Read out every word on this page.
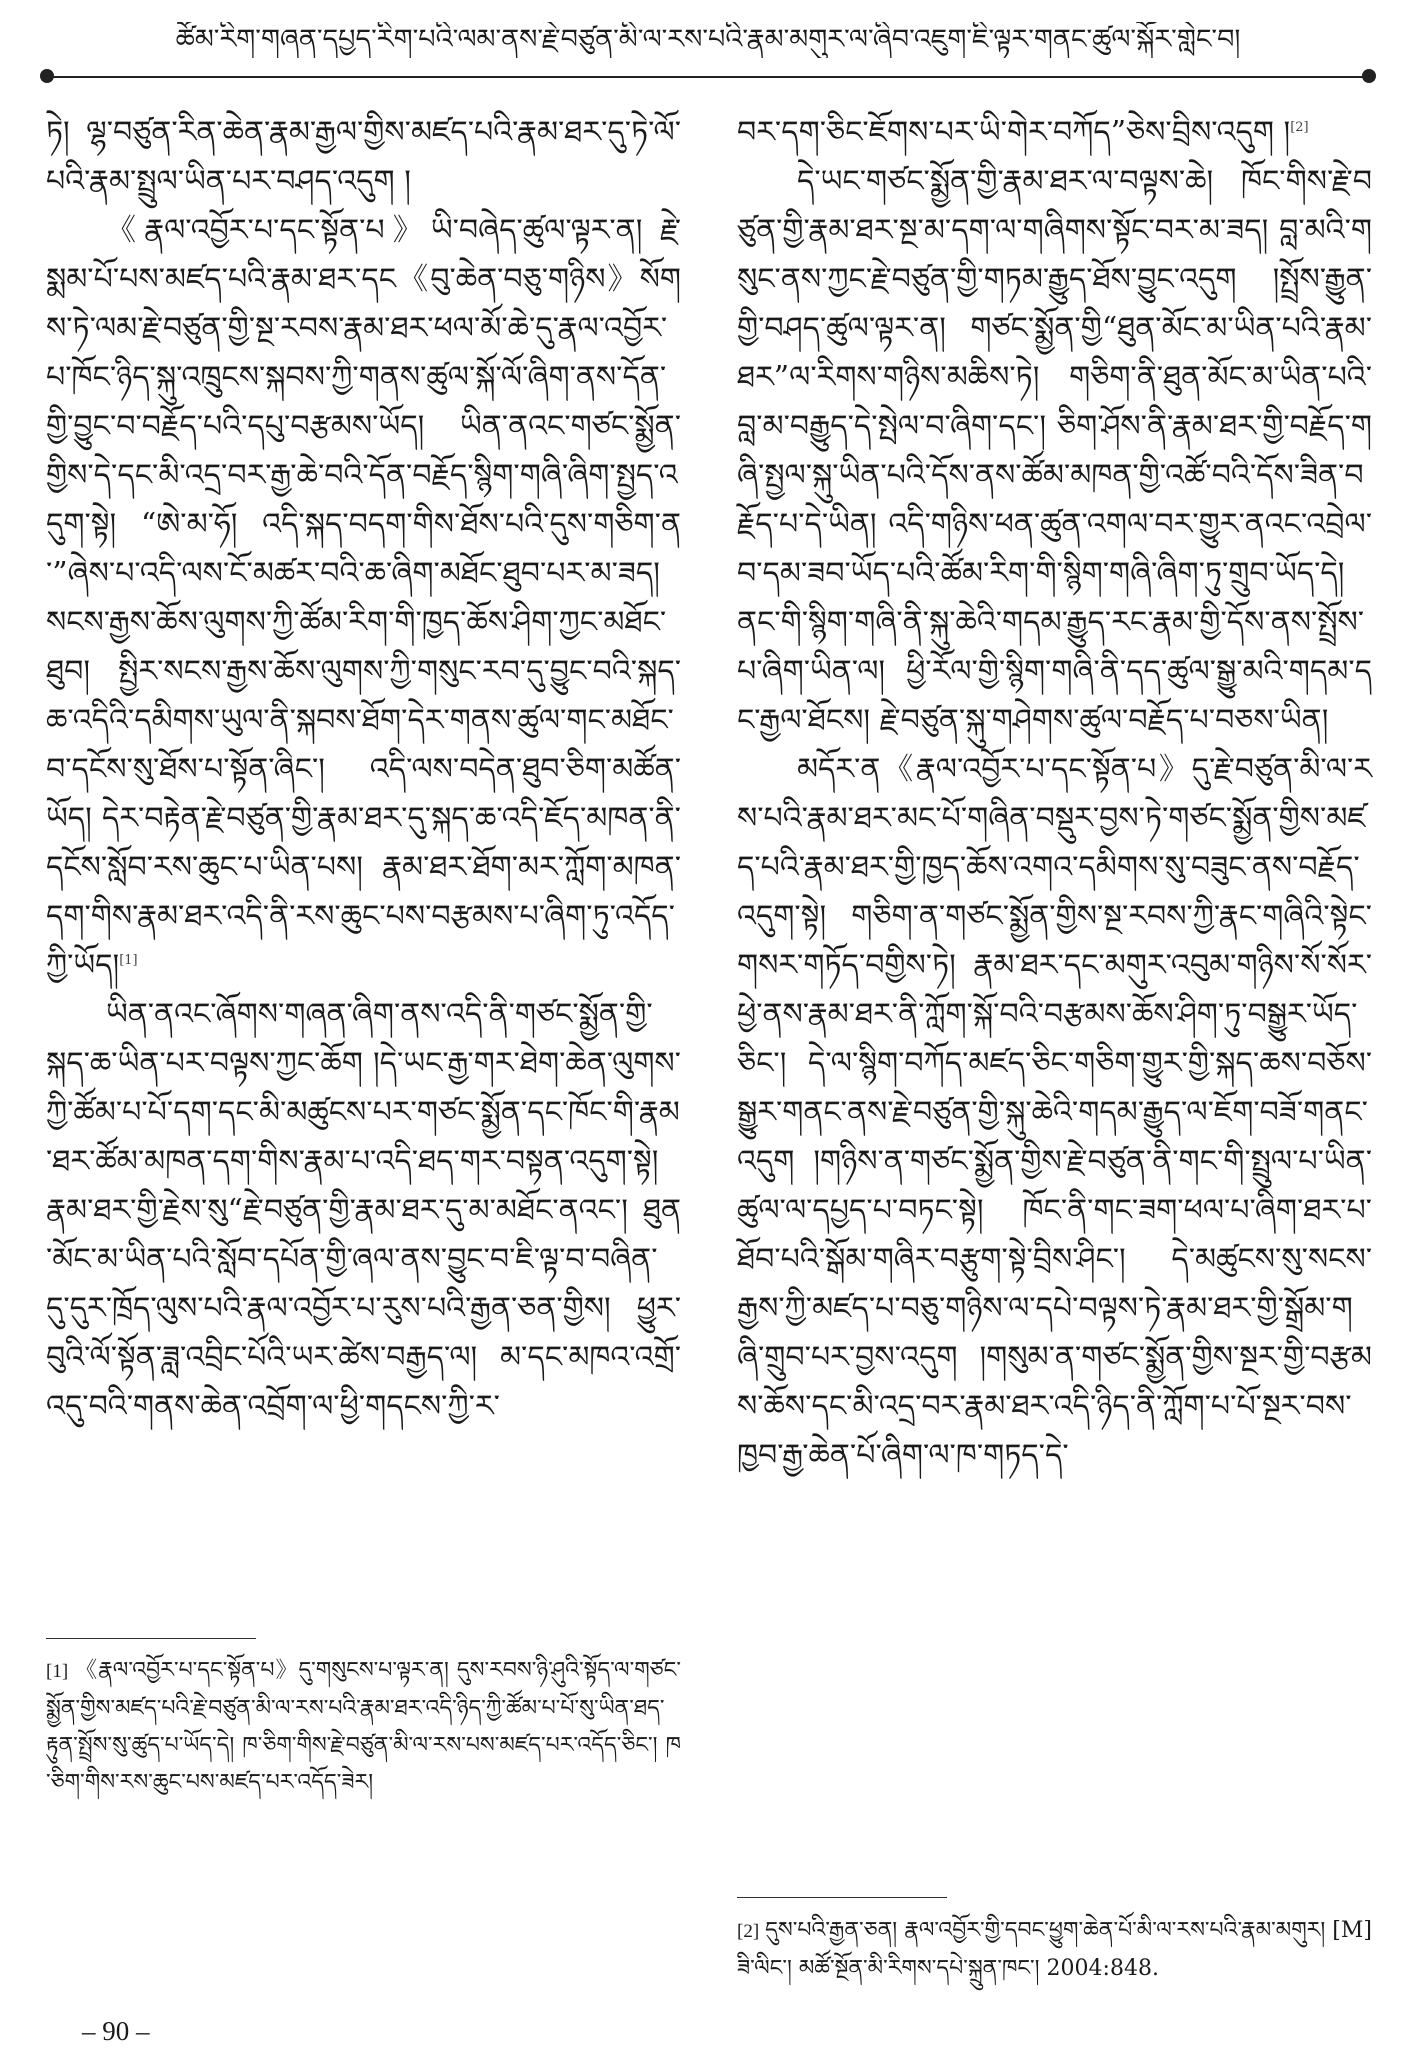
ཚོམ་རིག་གཞན་དཔྱད་རིག་པའི་ལམ་ནས་རྗེ་བཙུན་མི་ལ་རས་པའི་རྣམ་མགུར་ལ་ཞིབ་འཇུག་ཇི་ལྟར་གནང་ཚུལ་སྐོར་གླེང་བ།

ཏེ། ལྷ་བཙུན་རིན་ཆེན་རྣམ་རྒྱལ་གྱིས་མཛད་པའི་རྣམ་ཐར་དུ་ཏེ་ལོ་པའི་རྣམ་སྤྲུལ་ཡིན་པར་བཤད་འདུག །

《རྣལ་འབྱོར་པ་དང་སྟོན་པ》ཡི་བཞེད་ཚུལ་ལྟར་ན། རྗེ་སྨམ་པོ་པས་མཛད་པའི་རྣམ་ཐར་དང《བུ་ཆེན་བཅུ་གཉིས》སོགས་ཏེ་ལམ་རྗེ་བཙུན་གྱི་སྔ་རབས་རྣམ་ཐར་ཕལ་མོ་ཆེ་དུ་རྣལ་འབྱོར་པ་ཁོང་ཉིད་སྐུ་འཁྲུངས་སྐབས་ཀྱི་གནས་ཚུལ་སྐོ་ལོ་ཞིག་ནས་དོན་གྱི་བྱུང་བ་བརྗོད་པའི་དཔུ་བརྩམས་ཡོད། ཡིན་ནའང་གཙང་སྨྱོན་གྱིས་དེ་དང་མི་འདྲ་བར་རྒྱ་ཆེ་བའི་དོན་བརྗོད་སྙིག་གཞི་ཞིག་སྤྱད་འདུག་སྟེ། “ཨེ་མ་ཧོ། འདི་སྐད་བདག་གིས་ཐོས་པའི་དུས་གཅིག་ན་”ཞེས་པ་འདི་ལས་ངོ་མཚར་བའི་ཆ་ཞིག་མཐོང་ཐུབ་པར་མ་ཟད། སངས་རྒྱས་ཆོས་ལུགས་ཀྱི་ཚོམ་རིག་གི་ཁྱད་ཆོས་ཤིག་ཀྱང་མཐོང་ཐུབ། སྤྱིར་སངས་རྒྱས་ཆོས་ལུགས་ཀྱི་གསུང་རབ་དུ་བྱུང་བའི་སྐད་ཆ་འདིའི་དམིགས་ཡུལ་ནི་སྐབས་ཐོག་དེར་གནས་ཚུལ་གང་མཐོང་བ་དངོས་སུ་ཐོས་པ་སྟོན་ཞིང་། འདི་ལས་བདེན་ཐུབ་ཅིག་མཚོན་ཡོད། དེར་བརྟེན་རྗེ་བཙུན་གྱི་རྣམ་ཐར་དུ་སྐད་ཆ་འདི་ཇོད་མཁན་ནི་དངོས་སློབ་རས་ཆུང་པ་ཡིན་པས། རྣམ་ཐར་ཐོག་མར་ཀློག་མཁན་དག་གིས་རྣམ་ཐར་འདི་ནི་རས་ཆུང་པས་བརྩམས་པ་ཞིག་ཏུ་འདོད་ཀྱི་ཡོད།[1]

ཡིན་ནའང་ཞོགས་གཞན་ཞིག་ནས་འདི་ནི་གཙང་སྨྱོན་གྱི་སྐད་ཆ་ཡིན་པར་བལྟས་ཀྱང་ཆོག །དེ་ཡང་རྒྱ་གར་ཐེག་ཆེན་ལུགས་ཀྱི་ཚོམ་པ་པོ་དག་དང་མི་མཚུངས་པར་གཙང་སྨྱོན་དང་ཁོང་གི་རྣམ་ཐར་ཚོམ་མཁན་དག་གིས་རྣམ་པ་འདི་ཐད་གར་བསྟན་འདུག་སྟེ། རྣམ་ཐར་གྱི་རྗེས་སུ“རྗེ་བཙུན་གྱི་རྣམ་ཐར་དུ་མ་མཐོང་ནའང་། ཐུན་མོང་མ་ཡིན་པའི་སློབ་དཔོན་གྱི་ཞལ་ནས་བྱུང་བ་ཇི་ལྟ་བ་བཞིན་དུ་དུར་ཁྲོད་ལུས་པའི་རྣལ་འབྱོར་པ་རུས་པའི་རྒྱན་ཅན་གྱིས། ཕྱུར་བུའི་ལོ་སྟོན་ཟླ་འབྲིང་པོའི་ཡར་ཚེས་བརྒྱད་ལ། མ་དང་མཁའ་འགྲོ་འདུ་བའི་གནས་ཆེན་འབྲོག་ལ་ཕྱི་གདངས་ཀྱི་ར་

བར་དག་ཅིང་ཇོགས་པར་ཡི་གེར་བཀོད”ཅེས་བྲིས་འདུག །[2]

དེ་ཡང་གཙང་སྨྱོན་གྱི་རྣམ་ཐར་ལ་བལྟས་ཆེ། ཁོང་གིས་རྗེ་བཙུན་གྱི་རྣམ་ཐར་སྔ་མ་དག་ལ་གཞིགས་སྟོང་བར་མ་ཟད། བླ་མའི་གསུང་ནས་ཀྱང་རྗེ་བཙུན་གྱི་གཏམ་རྒྱུད་ཐོས་བྱུང་འདུག །སྤྲོས་རྒྱུན་གྱི་བཤད་ཚུལ་ལྟར་ན། གཙང་སྨྱོན་གྱི“ཐུན་མོང་མ་ཡིན་པའི་རྣམ་ཐར”ལ་རིགས་གཉིས་མཆིས་ཏེ། གཅིག་ནི་ཐུན་མོང་མ་ཡིན་པའི་བླ་མ་བརྒྱུད་དེ་སྤེལ་བ་ཞིག་དང་། ཅིག་ཤོས་ནི་རྣམ་ཐར་གྱི་བརྗོད་གཞི་སྤྱལ་སྐུ་ཡིན་པའི་དོས་ནས་ཚོམ་མཁན་གྱི་འཚོ་བའི་དོས་ཟིན་བརྗོད་པ་དེ་ཡིན། འདི་གཉིས་ཕན་ཚུན་འགལ་བར་གྱུར་ནའང་འབྲེལ་བ་དམ་ཟབ་ཡོད་པའི་ཚོམ་རིག་གི་སྙིག་གཞི་ཞིག་ཏུ་གྲུབ་ཡོད་དེ། ནང་གི་སྙིག་གཞི་ནི་སྐུ་ཆེའི་གདམ་རྒྱུད་རང་རྣམ་གྱི་དོས་ནས་སྤྲོས་པ་ཞིག་ཡིན་ལ། ཕྱི་རོལ་གྱི་སྙིག་གཞི་ནི་དད་ཚུལ་སྒྱུ་མའི་གདམ་དང་རྒྱལ་ཐོངས། རྗེ་བཙུན་སྐུ་གཤེགས་ཚུལ་བརྗོད་པ་བཅས་ཡིན།

མདོར་ན《རྣལ་འབྱོར་པ་དང་སྟོན་པ》དུ་རྗེ་བཙུན་མི་ལ་རས་པའི་རྣམ་ཐར་མང་པོ་གཞིན་བསྡུར་བྱས་ཏེ་གཙང་སྨྱོན་གྱིས་མཛད་པའི་རྣམ་ཐར་གྱི་ཁྱད་ཆོས་འགའ་དམིགས་སུ་བཟུང་ནས་བརྗོད་འདུག་སྟེ། གཅིག་ན་གཙང་སྨྱོན་གྱིས་སྔ་རབས་ཀྱི་རྣང་གཞིའི་སྟེང་གསར་གཏོད་བགྱིས་ཏེ། རྣམ་ཐར་དང་མགུར་འབུམ་གཉིས་སོ་སོར་ཕྱེ་ནས་རྣམ་ཐར་ནི་ཀློག་སྐོ་བའི་བརྩམས་ཆོས་ཤིག་ཏུ་བསྒྱུར་ཡོད་ཅིང་། དེ་ལ་སྙིག་བཀོད་མཛད་ཅིང་གཅིག་གྱུར་གྱི་སྐད་ཆས་བཅོས་སྒྱུར་གནང་ནས་རྗེ་བཙུན་གྱི་སྐུ་ཆེའི་གདམ་རྒྱུད་ལ་ཇོག་བཟོ་གནང་འདུག །གཉིས་ན་གཙང་སྨྱོན་གྱིས་རྗེ་བཙུན་ནི་གང་གི་སྤྲུལ་པ་ཡིན་ཚུལ་ལ་དཔྱད་པ་བཏང་སྟེ། ཁོང་ནི་གང་ཟག་ཕལ་པ་ཞིག་ཐར་པ་ཐོབ་པའི་སྒོམ་གཞིར་བརྩུག་སྟེ་བྲིས་ཤིང་། དེ་མཚུངས་སུ་སངས་རྒྱས་ཀྱི་མཛད་པ་བཅུ་གཉིས་ལ་དཔེ་བལྟས་ཏེ་རྣམ་ཐར་གྱི་སྒྲོམ་གཞི་གྲུབ་པར་བྱས་འདུག །གསུམ་ན་གཙང་སྨྱོན་གྱིས་སྔར་གྱི་བརྩམས་ཆོས་དང་མི་འདྲ་བར་རྣམ་ཐར་འདི་ཉིད་ནི་ཀློག་པ་པོ་སྔར་བས་ཁྱབ་རྒྱ་ཆེན་པོ་ཞིག་ལ་ཁ་གཏད་དེ་

[1] 《རྣལ་འབྱོར་པ་དང་སྟོན་པ》དུ་གསུངས་པ་ལྟར་ན། དུས་རབས་ཉི་ཤུའི་སྟོད་ལ་གཙང་སྨྱོན་གྱིས་མཛད་པའི་རྗེ་བཙུན་མི་ལ་རས་པའི་རྣམ་ཐར་འདི་ཉིད་ཀྱི་ཚོམ་པ་པོ་སུ་ཡིན་ཐད་རྟུན་སྤྲོས་སུ་ཚུད་པ་ཡོད་དེ། ཁ་ཅིག་གིས་རྗེ་བཙུན་མི་ལ་རས་པས་མཛད་པར་འདོད་ཅིང་། ཁ་ཅིག་གིས་རས་ཆུང་པས་མཛད་པར་འདོད་ཟེར།
[2] དུས་པའི་རྒྱན་ཅན། རྣལ་འབྱོར་གྱི་དབང་ཕྱུག་ཆེན་པོ་མི་ལ་རས་པའི་རྣམ་མགུར། [M] ཟི་ལིང་། མཚོ་སྔོན་མི་རིགས་དཔེ་སྐྲུན་ཁང་། 2004:848.
– 90 –
